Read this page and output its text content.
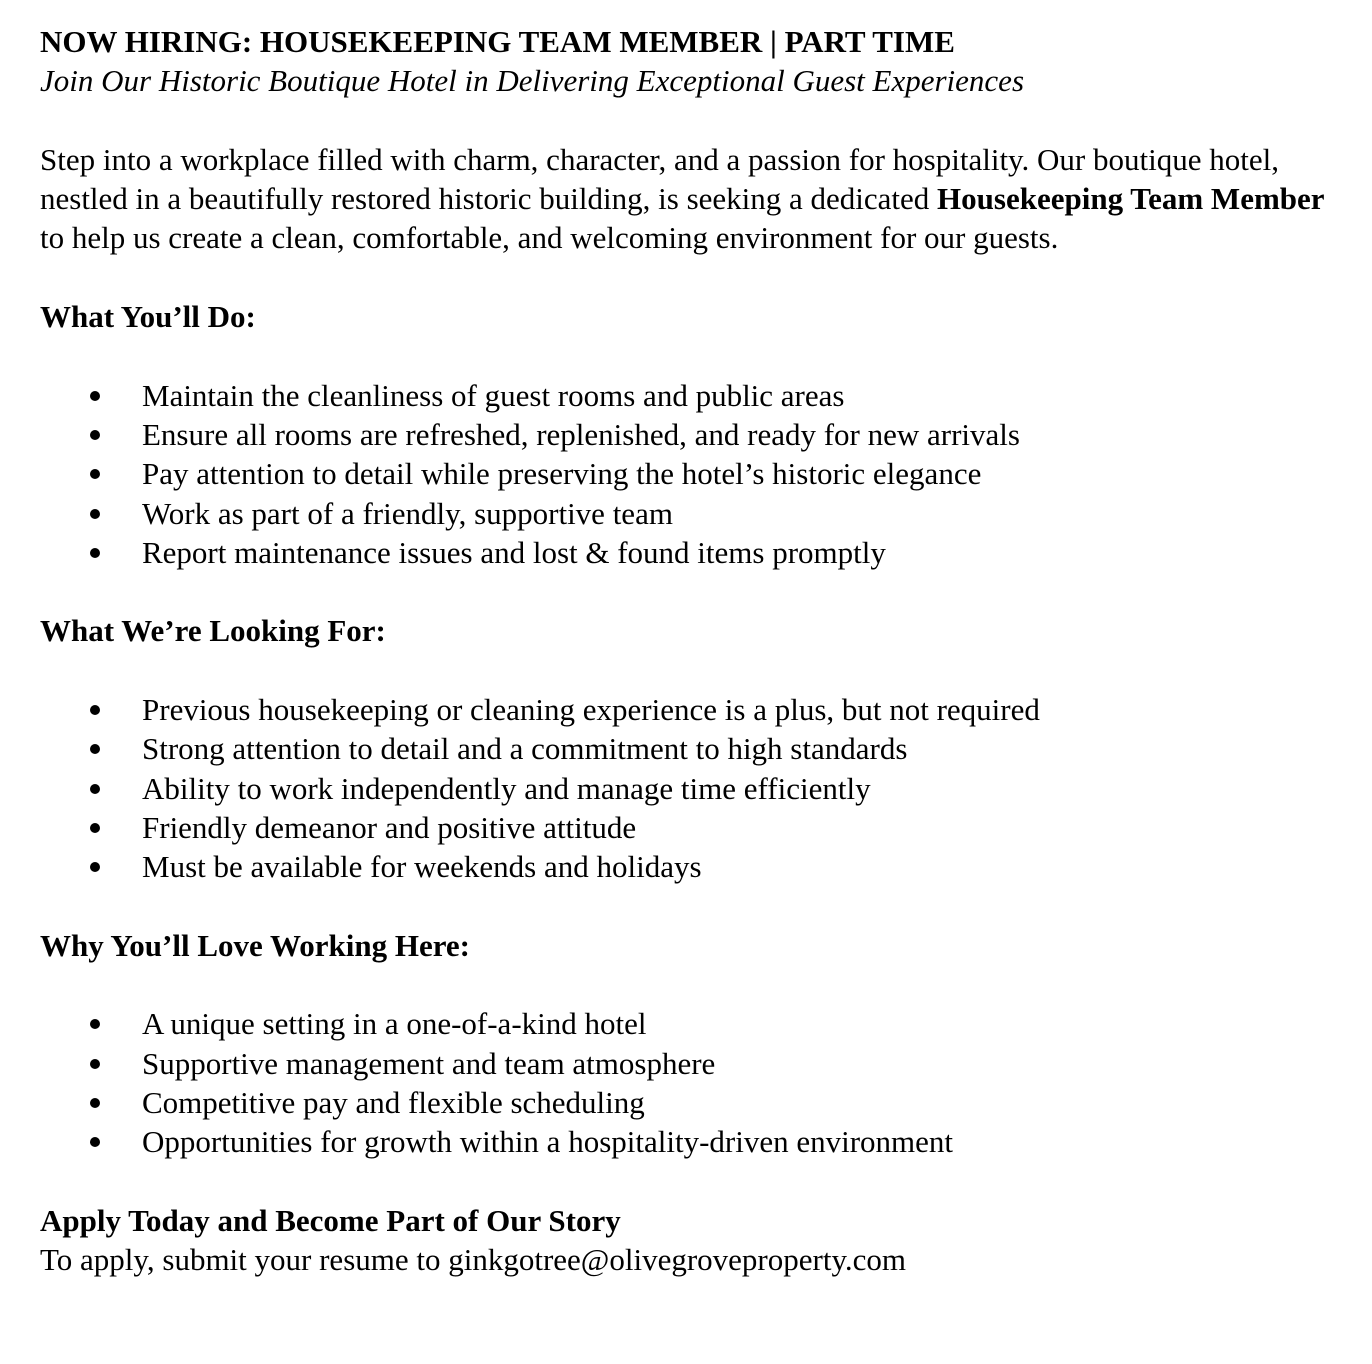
NOW HIRING: HOUSEKEEPING TEAM MEMBER | PART TIME

Join Our Historic Boutique Hotel in Delivering Exceptional Guest Experiences

Step into a workplace filled with charm, character, and a passion for hospitality. Our boutique hotel, nestled in a beautifully restored historic building, is seeking a dedicated Housekeeping Team Member to help us create a clean, comfortable, and welcoming environment for our guests.

What You’ll Do:

Maintain the cleanliness of guest rooms and public areas
Ensure all rooms are refreshed, replenished, and ready for new arrivals
Pay attention to detail while preserving the hotel’s historic elegance
Work as part of a friendly, supportive team
Report maintenance issues and lost & found items promptly

What We’re Looking For:

Previous housekeeping or cleaning experience is a plus, but not required
Strong attention to detail and a commitment to high standards
Ability to work independently and manage time efficiently
Friendly demeanor and positive attitude
Must be available for weekends and holidays

Why You’ll Love Working Here:

A unique setting in a one-of-a-kind hotel
Supportive management and team atmosphere
Competitive pay and flexible scheduling
Opportunities for growth within a hospitality-driven environment

Apply Today and Become Part of Our Story

To apply, submit your resume to ginkgotree@olivegroveproperty.com
